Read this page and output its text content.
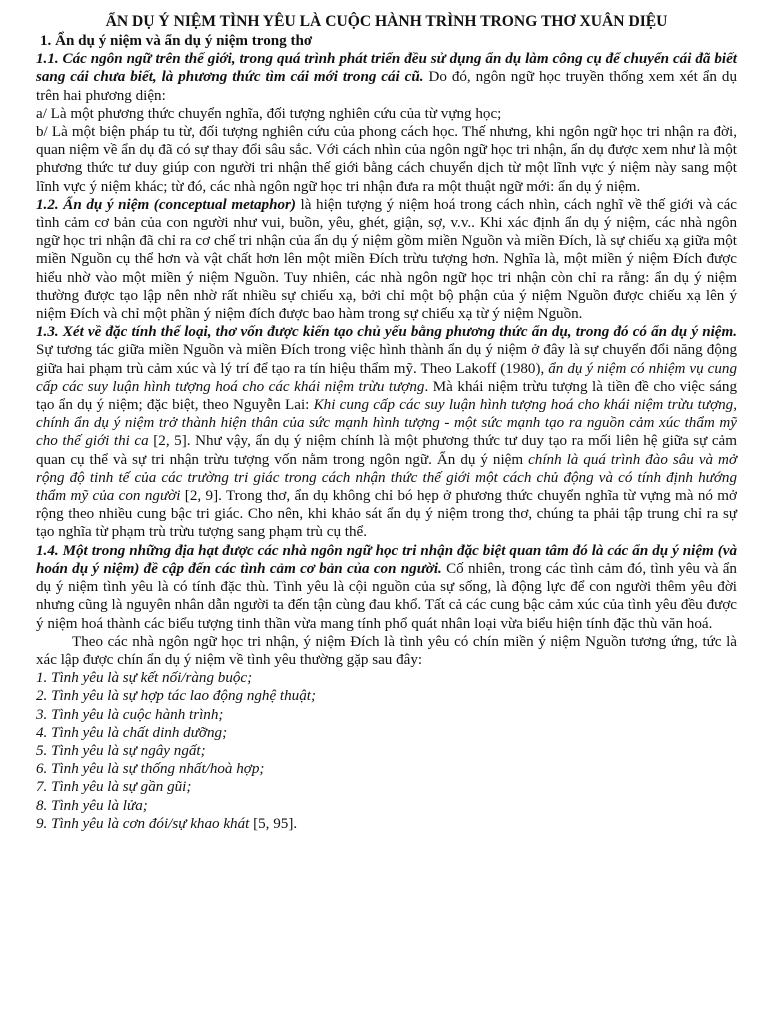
ẨN DỤ Ý NIỆM TÌNH YÊU LÀ CUỘC HÀNH TRÌNH TRONG THƠ XUÂN DIỆU

1. Ẩn dụ ý niệm và ẩn dụ ý niệm trong thơ

1.1. Các ngôn ngữ trên thế giới, trong quá trình phát triển đều sử dụng ẩn dụ làm công cụ để chuyển cái đã biết sang cái chưa biết, là phương thức tìm cái mới trong cái cũ. Do đó, ngôn ngữ học truyền thống xem xét ẩn dụ trên hai phương diện:

a/ Là một phương thức chuyển nghĩa, đối tượng nghiên cứu của từ vựng học;

b/ Là một biện pháp tu từ, đối tượng nghiên cứu của phong cách học. Thế nhưng, khi ngôn ngữ học tri nhận ra đời, quan niệm về ẩn dụ đã có sự thay đổi sâu sắc. Với cách nhìn của ngôn ngữ học tri nhận, ẩn dụ được xem như là một phương thức tư duy giúp con người tri nhận thế giới bằng cách chuyển dịch từ một lĩnh vực ý niệm này sang một lĩnh vực ý niệm khác; từ đó, các nhà ngôn ngữ học tri nhận đưa ra một thuật ngữ mới: ẩn dụ ý niệm.

1.2. Ẩn dụ ý niệm (conceptual metaphor) là hiện tượng ý niệm hoá trong cách nhìn, cách nghĩ về thế giới và các tình cảm cơ bản của con người như vui, buồn, yêu, ghét, giận, sợ, v.v.. Khi xác định ẩn dụ ý niệm, các nhà ngôn ngữ học tri nhận đã chỉ ra cơ chế tri nhận của ẩn dụ ý niệm gồm miền Nguồn và miền Đích, là sự chiếu xạ giữa một miền Nguồn cụ thể hơn và vật chất hơn lên một miền Đích trừu tượng hơn. Nghĩa là, một miền ý niệm Đích được hiểu nhờ vào một miền ý niệm Nguồn. Tuy nhiên, các nhà ngôn ngữ học tri nhận còn chỉ ra rằng: ẩn dụ ý niệm thường được tạo lập nên nhờ rất nhiều sự chiếu xạ, bởi chỉ một bộ phận của ý niệm Nguồn được chiếu xạ lên ý niệm Đích và chỉ một phần ý niệm đích được bao hàm trong sự chiếu xạ từ ý niệm Nguồn.

1.3. Xét về đặc tính thể loại, thơ vốn được kiến tạo chủ yếu bằng phương thức ẩn dụ, trong đó có ẩn dụ ý niệm. Sự tương tác giữa miền Nguồn và miền Đích trong việc hình thành ẩn dụ ý niệm ở đây là sự chuyển đổi năng động giữa hai phạm trù cảm xúc và lý trí để tạo ra tín hiệu thẩm mỹ. Theo Lakoff (1980), ẩn dụ ý niệm có nhiệm vụ cung cấp các suy luận hình tượng hoá cho các khái niệm trừu tượng. Mà khái niệm trừu tượng là tiền đề cho việc sáng tạo ẩn dụ ý niệm; đặc biệt, theo Nguyễn Lai: Khi cung cấp các suy luận hình tượng hoá cho khái niệm trừu tượng, chính ẩn dụ ý niệm trở thành hiện thân của sức mạnh hình tượng - một sức mạnh tạo ra nguồn cảm xúc thẩm mỹ cho thế giới thi ca [2, 5]. Như vậy, ẩn dụ ý niệm chính là một phương thức tư duy tạo ra mối liên hệ giữa sự cảm quan cụ thể và sự tri nhận trừu tượng vốn nằm trong ngôn ngữ. Ẩn dụ ý niệm chính là quá trình đào sâu và mở rộng độ tinh tế của các trường tri giác trong cách nhận thức thế giới một cách chủ động và có tính định hướng thẩm mỹ của con người [2, 9]. Trong thơ, ẩn dụ không chỉ bó hẹp ở phương thức chuyển nghĩa từ vựng mà nó mở rộng theo nhiều cung bậc tri giác. Cho nên, khi khảo sát ẩn dụ ý niệm trong thơ, chúng ta phải tập trung chỉ ra sự tạo nghĩa từ phạm trù trừu tượng sang phạm trù cụ thể.

1.4. Một trong những địa hạt được các nhà ngôn ngữ học tri nhận đặc biệt quan tâm đó là các ẩn dụ ý niệm (và hoán dụ ý niệm) đề cập đến các tình cảm cơ bản của con người. Cố nhiên, trong các tình cảm đó, tình yêu và ẩn dụ ý niệm tình yêu là có tính đặc thù. Tình yêu là cội nguồn của sự sống, là động lực để con người thêm yêu đời nhưng cũng là nguyên nhân dẫn người ta đến tận cùng đau khổ. Tất cả các cung bậc cảm xúc của tình yêu đều được ý niệm hoá thành các biểu tượng tinh thần vừa mang tính phổ quát nhân loại vừa biểu hiện tính đặc thù văn hoá.

Theo các nhà ngôn ngữ học tri nhận, ý niệm Đích là tình yêu có chín miền ý niệm Nguồn tương ứng, tức là xác lập được chín ẩn dụ ý niệm về tình yêu thường gặp sau đây:

1. Tình yêu là sự kết nối/ràng buộc;
2. Tình yêu là sự hợp tác lao động nghệ thuật;
3. Tình yêu là cuộc hành trình;
4. Tình yêu là chất dinh dưỡng;
5. Tình yêu là sự ngây ngất;
6. Tình yêu là sự thống nhất/hoà hợp;
7. Tình yêu là sự gần gũi;
8. Tình yêu là lửa;
9. Tình yêu là cơn đói/sự khao khát [5, 95].
